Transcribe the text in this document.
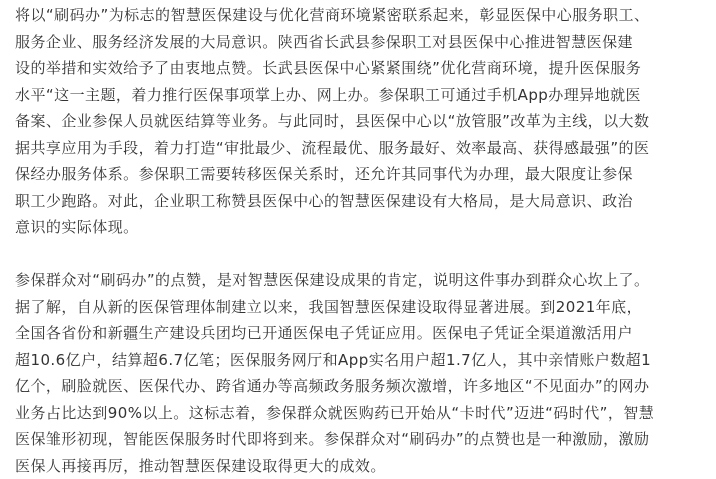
将以“刷码办”为标志的智慧医保建设与优化营商环境紧密联系起来，彰显医保中心服务职工、
服务企业、服务经济发展的大局意识。陕西省长武县参保职工对县医保中心推进智慧医保建
设的举措和实效给予了由衷地点赞。长武县医保中心紧紧围绕”优化营商环境，提升医保服务
水平“这一主题，着力推行医保事项掌上办、网上办。参保职工可通过手机App办理异地就医
备案、企业参保人员就医结算等业务。与此同时，县医保中心以“放管服”改革为主线，以大数
据共享应用为手段，着力打造“审批最少、流程最优、服务最好、效率最高、获得感最强”的医
保经办服务体系。参保职工需要转移医保关系时，还允许其同事代为办理，最大限度让参保
职工少跑路。对此，企业职工称赞县医保中心的智慧医保建设有大格局，是大局意识、政治
意识的实际体现。

参保群众对“刷码办”的点赞，是对智慧医保建设成果的肯定，说明这件事办到群众心坎上了。
据了解，自从新的医保管理体制建立以来，我国智慧医保建设取得显著进展。到2021年底，
全国各省份和新疆生产建设兵团均已开通医保电子凭证应用。医保电子凭证全渠道激活用户
超10.6亿户，结算超6.7亿笔；医保服务网厅和App实名用户超1.7亿人，其中亲情账户数超1
亿个，刷脸就医、医保代办、跨省通办等高频政务服务频次激增，许多地区“不见面办”的网办
业务占比达到90%以上。这标志着，参保群众就医购药已开始从“卡时代”迈进“码时代”，智慧
医保雏形初现，智能医保服务时代即将到来。参保群众对“刷码办”的点赞也是一种激励，激励
医保人再接再厉，推动智慧医保建设取得更大的成效。
